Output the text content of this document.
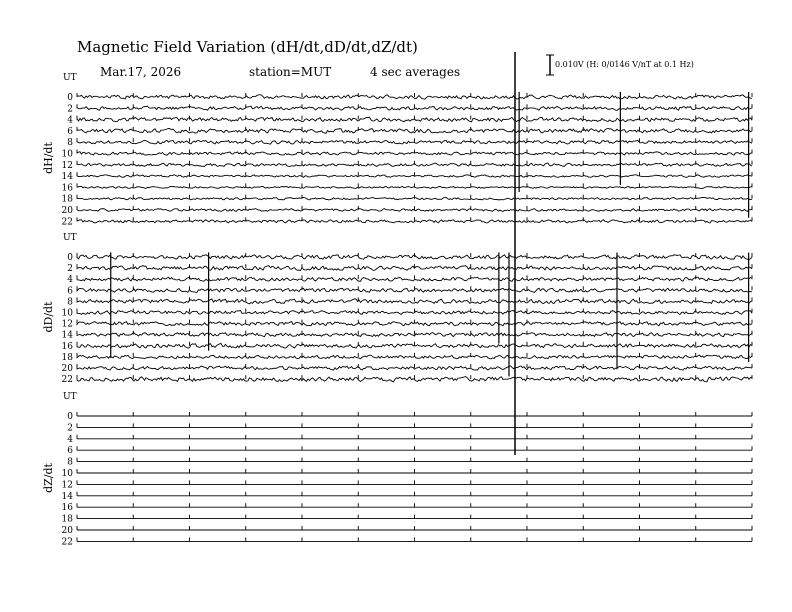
Magnetic Field Variation (dH/dt,dD/dt,dZ/dt)
Mar.17, 2026	station=MUT	4 sec averages
0.010V (H: 0/0146 V/nT at 0.1 Hz)
UT
dH/dt
0
2
4
6
8
10
12
14
16
18
20
22
UT
dD/dt
0
2
4
6
8
10
12
14
16
18
20
22
UT
dZ/dt
0
2
4
6
8
10
12
14
16
18
20
22
